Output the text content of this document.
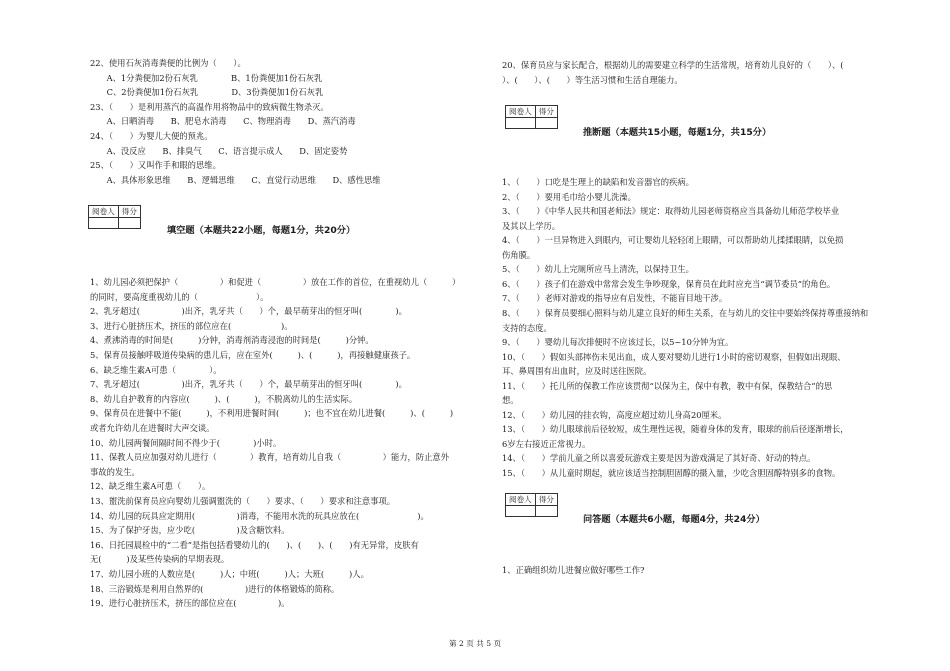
22、使用石灰消毒粪便的比例为（　　）。
　　A、1分粪便加2份石灰乳　　　　B、1份粪便加1份石灰乳
　　C、2份粪便加1份石灰乳　　　　D、3份粪便加1份石灰乳
23、（　　）是利用蒸汽的高温作用将物品中的致病微生物杀灭。
　　A、日晒消毒　　B、肥皂水消毒　　C、物理消毒　　D、蒸汽消毒
24、（　　）为婴儿大便的预兆。
　　A、没反应　　B、排臭气　　C、语言提示成人　　D、固定姿势
25、（　　）又叫作手和眼的思维。
　　A、具体形象思维　　B、逻辑思维　　C、直觉行动思维　　D、感性思维
阅卷人	得分

填空题（本题共22小题，每题1分，共20分）
1、幼儿园必须把保护（　　　　　）和促进（　　　　　）放在工作的首位，在重视幼儿（　　　）
的同时，要高度重视幼儿的（　　　　　　　）。
2、乳牙超过(　　　　　)出齐，乳牙共（　　）个，最早萌芽出的恒牙叫(　　　　)。
3、进行心脏挤压术，挤压的部位应在(　　　　　　)。
4、煮沸消毒的时间是(　　　)分钟，消毒剂消毒浸泡的时间是(　　　)分钟。
5、保育员接触呼吸道传染病的患儿后，应在室外(　　　)、(　　　)，再接触健康孩子。
6、缺乏维生素A可患（　　　　）。
7、乳牙超过(　　　　　)出齐，乳牙共（　　）个，最早萌芽出的恒牙叫(　　　　)。
8、幼儿自护教育的内容应(　　　)、(　　　)，不脱离幼儿的生活实际。
9、保育员在进餐中不能(　　　)，不利用进餐时间(　　　)；也不宜在幼儿进餐(　　　)、(　　　)
或者允许幼儿在进餐时大声交谈。
10、幼儿园两餐间隔时间不得少于(　　　　)小时。
11、保教人员应加强对幼儿进行（　　　　）教育，培育幼儿自我（　　　　　）能力，防止意外
事故的发生。
12、缺乏维生素A可患（　　）。
13、盥洗前保育员应向婴幼儿强调盥洗的（　　）要求、（　　）要求和注意事项。
14、幼儿园的玩具应定期用(　　　　　)消毒，不能用水洗的玩具应放在(　　　　　　　)。
15、为了保护牙齿，应少吃(　　　　　)及含糖饮料。
16、日托园晨检中的“二看”是指包括看婴幼儿的(　　)、(　　)、(　　)有无异常，皮肤有
无(　　　)及某些传染病的早期表现。
17、幼儿园小班的人数应是(　　　)人；中班(　　　)人；大班(　　　)人。
18、三浴锻炼是利用自然界的(　　　　　)进行的体格锻炼的简称。
19、进行心脏挤压术，挤压的部位应在(　　　　　)。
20、保育员应与家长配合，根据幼儿的需要建立科学的生活常规，培育幼儿良好的（　　）、(　　
）、(　　）、(　　）等生活习惯和生活自理能力。
阅卷人	得分

推断题（本题共15小题，每题1分，共15分）
1、（　　）口吃是生理上的缺陷和发音器官的疾病。
2、（　　）要用毛巾给小婴儿洗澡。
3、（　　）《中华人民共和国老师法》规定：取得幼儿园老师资格应当具备幼儿师范学校毕业
及其以上学历。
4、（　　）一旦异物进入到眼内，可让婴幼儿轻轻闭上眼睛，可以帮助幼儿揉揉眼睛，以免损
伤角膜。
5、（　　）幼儿上完厕所应马上清洗，以保持卫生。
6、（　　）孩子们在游戏中常常会发生争吵现象，保育员在此时应充当“调节委员”的角色。
7、（　　）老师对游戏的指导应有启发性，不能盲目地干涉。
8、（　　）保育员要细心照料与幼儿建立良好的师生关系，在与幼儿的交往中要始终保持尊重接纳和
支持的态度。
9、（　　）婴幼儿每次排便时不应该过长，以5~10分钟为宜。
10、（　　）假如头部摔伤未见出血，成人要对婴幼儿进行1小时的密切观察，但假如出现眼、
耳、鼻周围有出血时，应及时送往医院。
11、（　　）托儿所的保教工作应该贯彻“以保为主，保中有教，教中有保，保教结合”的思
想。
12、（　　）幼儿园的挂衣钩，高度应超过幼儿身高20厘米。
13、（　　）幼儿眼球前后径较短，成生理性远视，随着身体的发育，眼球的前后径逐渐增长，
6岁左右接近正常视力。
14、（　　）学前儿童之所以喜爱玩游戏主要是因为游戏满足了其好奇、好动的特点。
15、（　　）从儿童时期起，就应该适当控制胆固醇的摄入量，少吃含胆固醇特别多的食物。
阅卷人	得分

问答题（本题共6小题，每题4分，共24分）
1、正确组织幼儿进餐应做好哪些工作?
第 2 页 共 5 页
